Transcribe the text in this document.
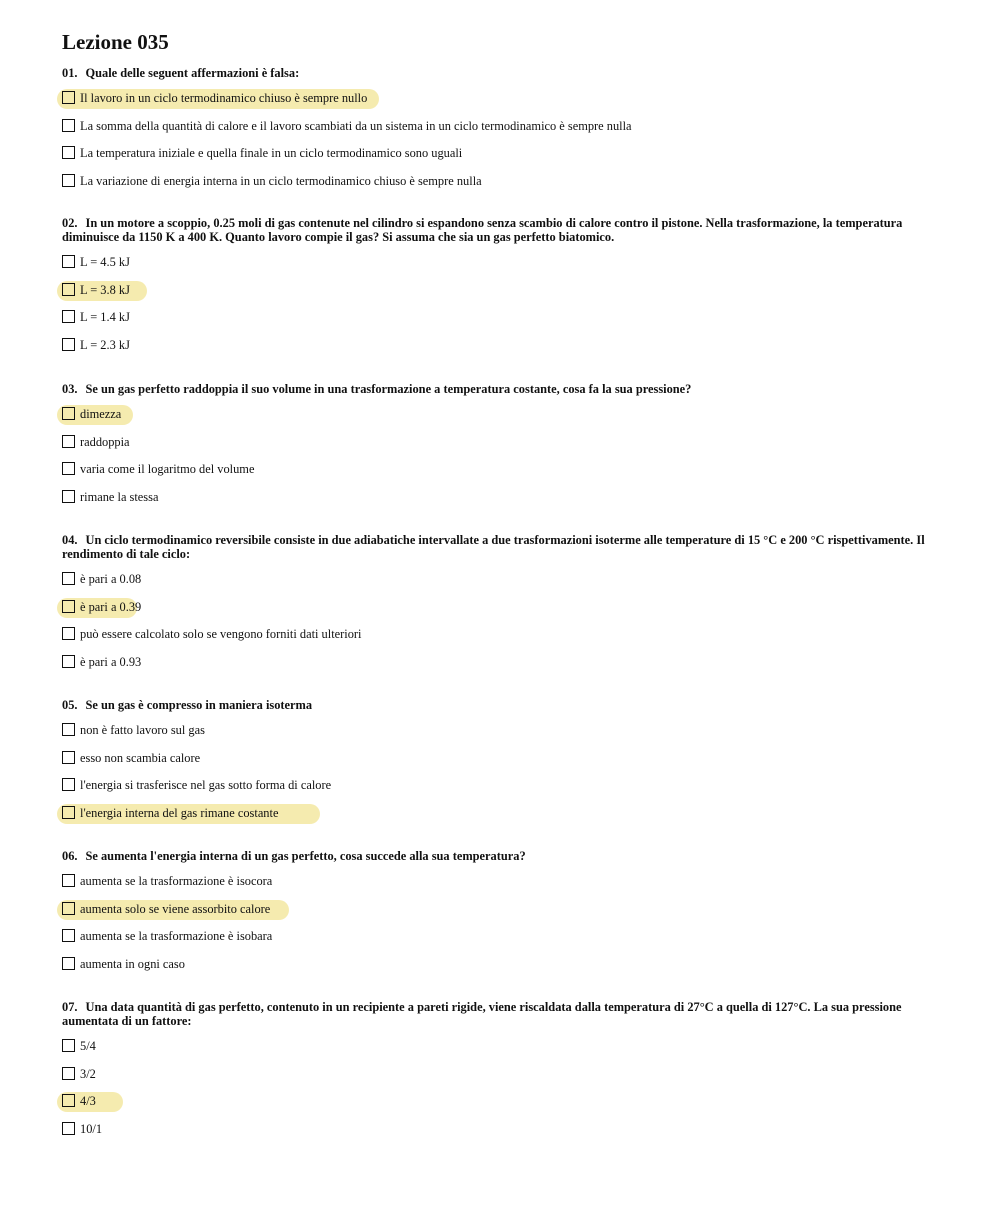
Lezione 035

01. Quale delle seguent affermazioni è falsa:

Il lavoro in un ciclo termodinamico chiuso è sempre nullo
La somma della quantità di calore e il lavoro scambiati da un sistema in un ciclo termodinamico è sempre nulla
La temperatura iniziale e quella finale in un ciclo termodinamico sono uguali
La variazione di energia interna in un ciclo termodinamico chiuso è sempre nulla

02. In un motore a scoppio, 0.25 moli di gas contenute nel cilindro si espandono senza scambio di calore contro il pistone. Nella trasformazione, la temperatura diminuisce da 1150 K a 400 K. Quanto lavoro compie il gas? Si assuma che sia un gas perfetto biatomico.

L = 4.5 kJ
L = 3.8 kJ
L = 1.4 kJ
L = 2.3 kJ

03. Se un gas perfetto raddoppia il suo volume in una trasformazione a temperatura costante, cosa fa la sua pressione?

dimezza
raddoppia
varia come il logaritmo del volume
rimane la stessa

04. Un ciclo termodinamico reversibile consiste in due adiabatiche intervallate a due trasformazioni isoterme alle temperature di 15 °C e 200 °C rispettivamente. Il rendimento di tale ciclo:

è pari a 0.08
è pari a 0.39
può essere calcolato solo se vengono forniti dati ulteriori
è pari a 0.93

05. Se un gas è compresso in maniera isoterma

non è fatto lavoro sul gas
esso non scambia calore
l'energia si trasferisce nel gas sotto forma di calore
l'energia interna del gas rimane costante

06. Se aumenta l'energia interna di un gas perfetto, cosa succede alla sua temperatura?

aumenta se la trasformazione è isocora
aumenta solo se viene assorbito calore
aumenta se la trasformazione è isobara
aumenta in ogni caso

07. Una data quantità di gas perfetto, contenuto in un recipiente a pareti rigide, viene riscaldata dalla temperatura di 27°C a quella di 127°C. La sua pressione aumentata di un fattore:

5/4
3/2
4/3
10/1
